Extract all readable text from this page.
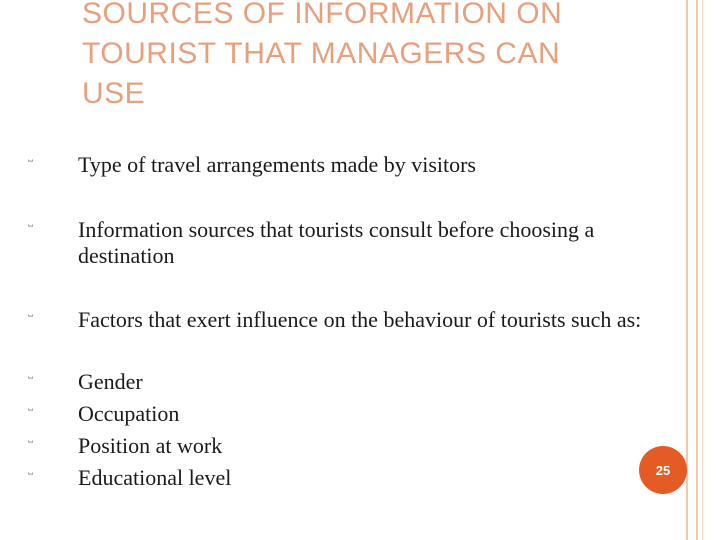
SOURCES OF INFORMATION ON TOURIST THAT MANAGERS CAN USE
ⵯ Type of travel arrangements made by visitors
ⵯ Information sources that tourists consult before choosing a destination
ⵯ Factors that exert influence on the behaviour of tourists such as:
ⵯ Gender
ⵯ Occupation
ⵯ Position at work
ⵯ Educational level	25
